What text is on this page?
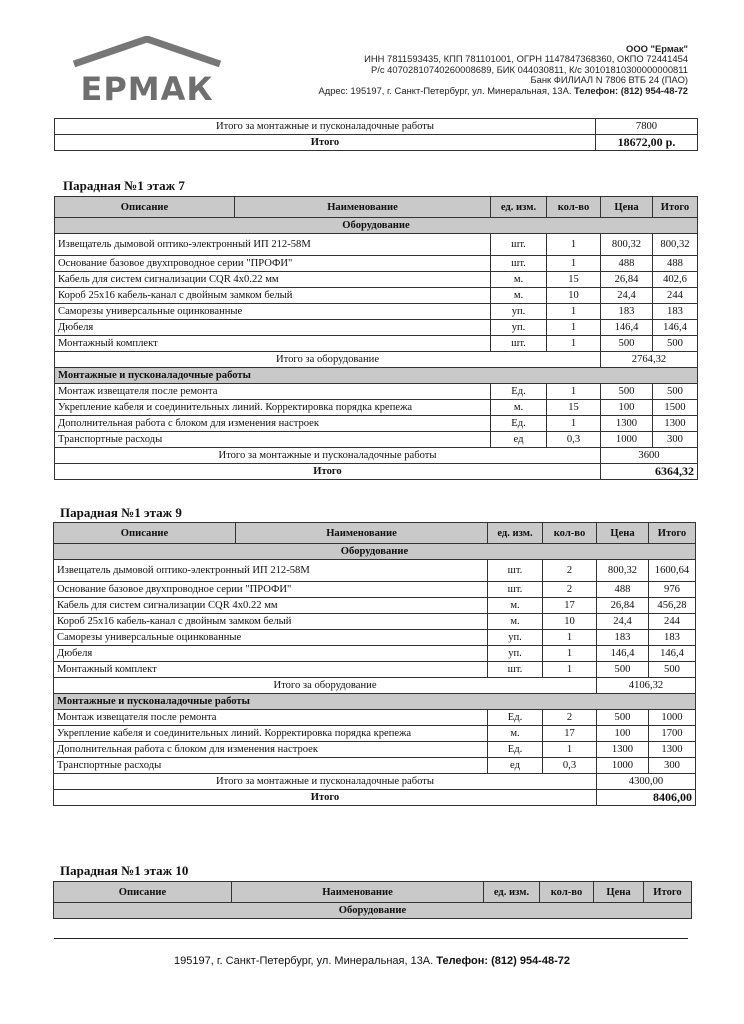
ЕРМАК
ООО "Ермак"
ИНН 7811593435, КПП 781101001, ОГРН 1147847368360, ОКПО 72441454
Р/с 40702810740260008689, БИК 044030811, К/с 30101810300000000811
Банк ФИЛИАЛ N 7806 ВТБ 24 (ПАО)
Адрес: 195197, г. Санкт-Петербург, ул. Минеральная, 13А. Телефон: (812) 954-48-72
Итого за монтажные и пусконаладочные работы	7800
Итого	18672,00 р.
Парадная №1 этаж 7
Описание	Наименование	ед. изм.	кол-во	Цена	Итого
Оборудование					
Извещатель дымовой оптико-электронный ИП 212-58М		шт.	1	800,32	800,32
Основание базовое двухпроводное серии "ПРОФИ"		шт.	1	488	488
Кабель для систем сигнализации CQR 4х0.22 мм		м.	15	26,84	402,6
Короб 25х16 кабель-канал с двойным замком белый		м.	10	24,4	244
Саморезы универсальные оцинкованные		уп.	1	183	183
Дюбеля		уп.	1	146,4	146,4
Монтажный комплект		шт.	1	500	500
Итого за оборудование				2764,32	
Монтажные и пусконаладочные работы					
Монтаж извещателя после ремонта		Ед.	1	500	500
Укрепление кабеля и соединительных линий. Корректировка порядка крепежа		м.	15	100	1500
Дополнительная работа с блоком для изменения настроек		Ед.	1	1300	1300
Транспортные расходы		ед	0,3	1000	300
Итого за монтажные и пусконаладочные работы				3600	
Итого				6364,32	
Парадная №1 этаж 9
Описание	Наименование	ед. изм.	кол-во	Цена	Итого
Оборудование					
Извещатель дымовой оптико-электронный ИП 212-58М		шт.	2	800,32	1600,64
Основание базовое двухпроводное серии "ПРОФИ"		шт.	2	488	976
Кабель для систем сигнализации CQR 4х0.22 мм		м.	17	26,84	456,28
Короб 25х16 кабель-канал с двойным замком белый		м.	10	24,4	244
Саморезы универсальные оцинкованные		уп.	1	183	183
Дюбеля		уп.	1	146,4	146,4
Монтажный комплект		шт.	1	500	500
Итого за оборудование				4106,32	
Монтажные и пусконаладочные работы					
Монтаж извещателя после ремонта		Ед.	2	500	1000
Укрепление кабеля и соединительных линий. Корректировка порядка крепежа		м.	17	100	1700
Дополнительная работа с блоком для изменения настроек		Ед.	1	1300	1300
Транспортные расходы		ед	0,3	1000	300
Итого за монтажные и пусконаладочные работы				4300,00	
Итого				8406,00	
Парадная №1 этаж 10
Описание	Наименование	ед. изм.	кол-во	Цена	Итого
Оборудование
195197, г. Санкт-Петербург, ул. Минеральная, 13А. Телефон: (812) 954-48-72
